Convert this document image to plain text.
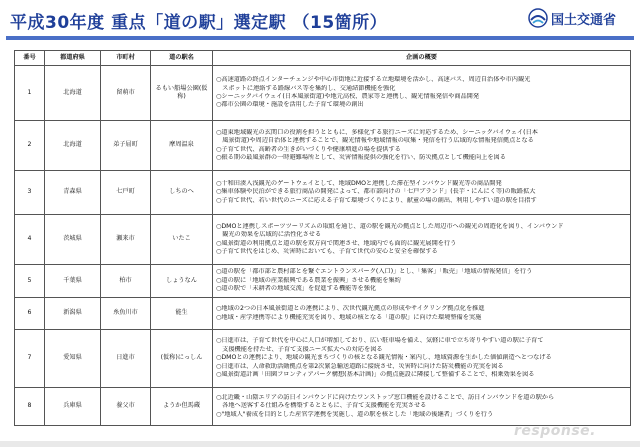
平成30年度 重点「道の駅」選定駅 （15箇所）	国土交通省
番号	都道府県	市町村	道の駅名	企画の概要
1	北海道	留萌市	るもい船場公園(仮称)	○高速道路の終点インターチェンジや中心市街地に近接する立地環境を活かし、高速バス、周辺自治体や市内観光
　スポットに連絡する路線バス等を集約し、交通結節機能を強化
○シーニックバイウェイ(日本風景街道)や地元高校、農家等と連携し、観光情報発信や商品開発
○都市公園の環境・施設を活用した子育て環境の創出

2	北海道	弟子屈町	摩周温泉	○道東地域観光の玄関口の役割を担うとともに、多様化する旅行ニーズに対応するため、シーニックバイウェイ(日本
　風景街道)や周辺自治体と連携することで、観光情報や地域情報の収集・発信を行う広域的な情報発信拠点となる
○子育て世代、高齢者の生きがいづくりや健康増進の場を提供する
○振る期の最風景群の一時避難場所として、災害情報提供の強化を行い、防災拠点として機能向上を図る

3	青森県	七戸町	しちのへ	○十和田湊入浅観光のゲートウェイとして、地域DMOと連携した滞在型インバウンド観光等の商品開発
○集車体験や民泊ができる旅行商品の開発によって、都市部向けの「七戸ブランド」(長芋・にんにく等)の販路拡大
○子育て世代、若い世代のニーズに応える子育て環境づくりにより、献童の場の創出、利用しやすい道の駅を目指す

4	茨城県	瀬来市	いたこ	○DMOと連携しスポーツツーリズムの取組を通じ、道の駅を観光の拠点とした周辺市への観光の周遊化を図り、インバウンド
　観光の効果を広域的に活性化させる
○風景街道の利用拠点と道の駅を双方向で関連させ、地域内でも面的に観光展開を行う
○子育て世代をはじめ、災害時においても、子育て世代の安心と安全を確保する

5	千葉県	柏市	しょうなん	○道の駅を「都市部と農村部とを繋ぐエントランスパーク(入口)」とし、「集客」「販売」「地域の情報発信」を行う
○道の駅に「地域の産業振興である農業を振興」させる機能を集約
○道の駅で「未耕者の地域交流」を促進する機能等を強化

6	新潟県	糸魚川市	能生	○地域の2つの日本風景街道との連携により、次世代観光拠点の形成やサイクリング拠点化を推進
○地域・産学連携等により機能充実を図り、地域の核となる「道の駅」に向けた環境整備を実施

7	愛知県	日進市	(仮称)にっしん	○日進市は、子育て世代を中心に人口が増加しており、広い駐車場を備え、気軽に車で立ち寄りやすい道の駅に子育て
　支援機能を持たせ、子育て支援ニーズ拡大への対応を図る
○DMOとの連携により、地域の観光まちづくりの核となる観光情報・案内し、地域資源を生かした価値創造へとつなげる
○日進市は、人命救助活動拠点を第2次緊急輸送道路に接続させ、災害時に向けた防災機能の充実を図る
○風景街道計画「田園フロンティアパーク構想(基本計画)」の拠点施設に隣接して整備することで、相乗効果を図る

8	兵庫県	養父市	ようか但馬蔵	○北近畿・山陰エリアの訪日インバウンドに向けたワンストップ窓口機能を設けることで、訪日インバウンドを道の駅から
　各地へ送客する仕組みを構築するとともに、子育て支援機能を充実させる
○"地域人"養成を目的とした産官学連携を実施し、道の駅を核とした「地域の後継者」づくりを行う
response.
